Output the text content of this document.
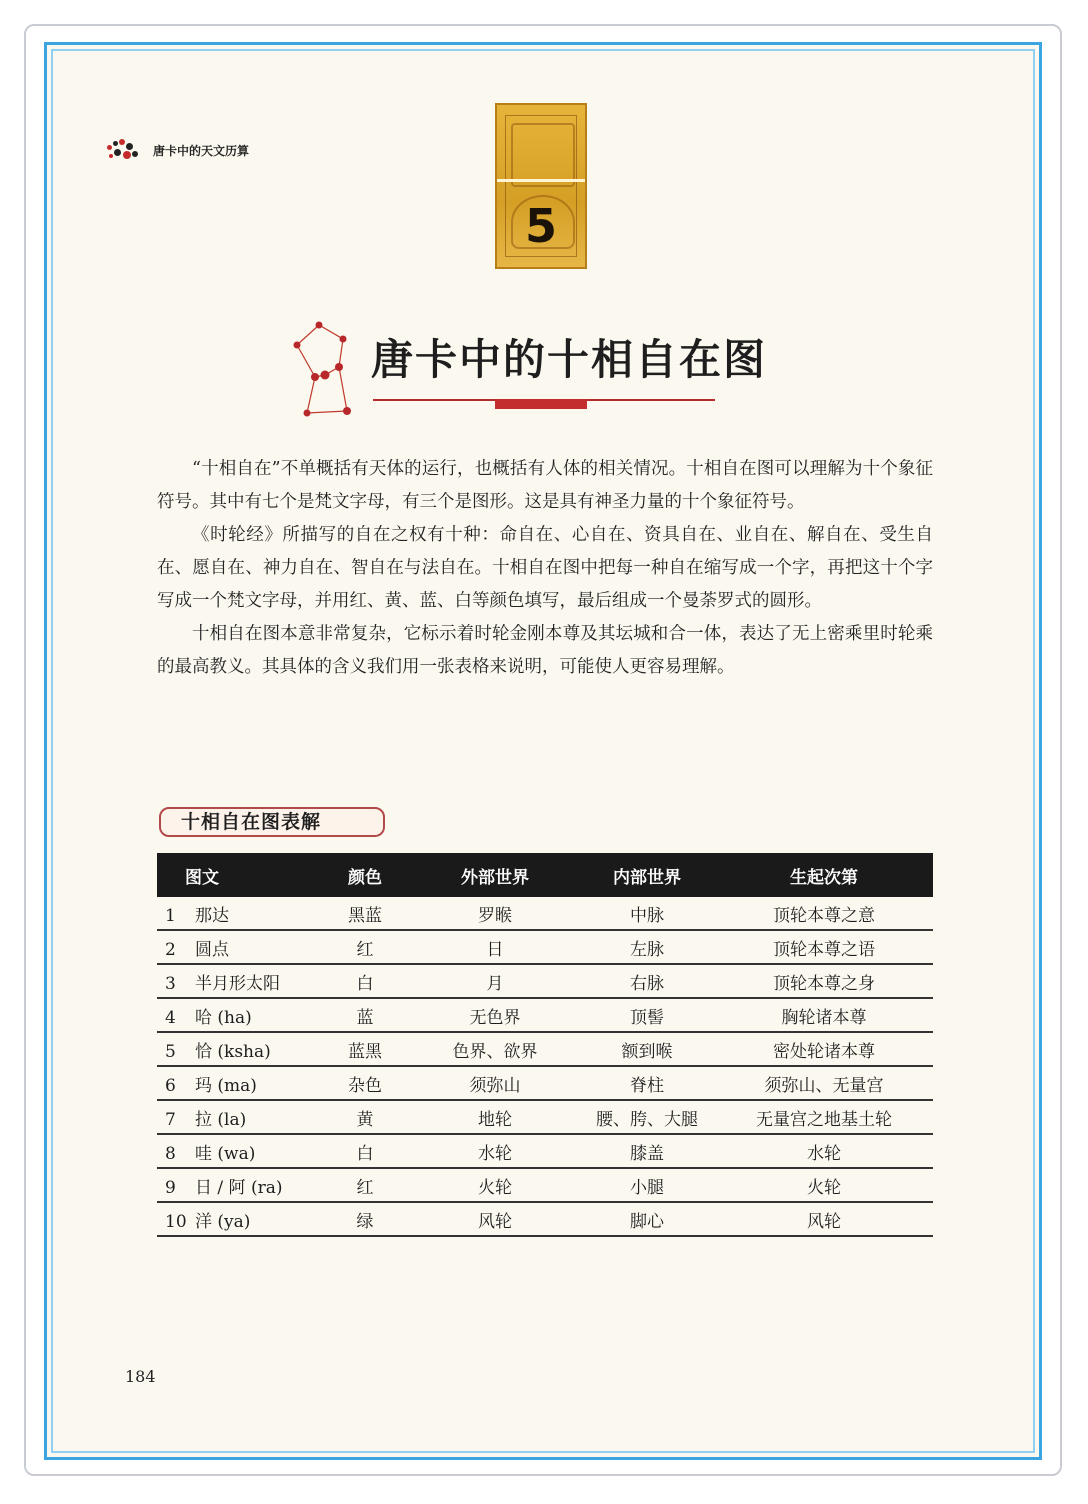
唐卡中的天文历算
5
唐卡中的十相自在图

“十相自在”不单概括有天体的运行，也概括有人体的相关情况。十相自在图可以理解为十个象征符号。其中有七个是梵文字母，有三个是图形。这是具有神圣力量的十个象征符号。

《时轮经》所描写的自在之权有十种：命自在、心自在、资具自在、业自在、解自在、受生自在、愿自在、神力自在、智自在与法自在。十相自在图中把每一种自在缩写成一个字，再把这十个字写成一个梵文字母，并用红、黄、蓝、白等颜色填写，最后组成一个曼荼罗式的圆形。

十相自在图本意非常复杂，它标示着时轮金刚本尊及其坛城和合一体，表达了无上密乘里时轮乘的最高教义。其具体的含义我们用一张表格来说明，可能使人更容易理解。

十相自在图表解
图文	颜色	外部世界	内部世界	生起次第
1 那达	黑蓝	罗睺	中脉	顶轮本尊之意
2 圆点	红	日	左脉	顶轮本尊之语
3 半月形太阳	白	月	右脉	顶轮本尊之身
4 哈 (ha)	蓝	无色界	顶髻	胸轮诸本尊
5 恰 (ksha)	蓝黑	色界、欲界	额到喉	密处轮诸本尊
6 玛 (ma)	杂色	须弥山	脊柱	须弥山、无量宫
7 拉 (la)	黄	地轮	腰、胯、大腿	无量宫之地基土轮
8 哇 (wa)	白	水轮	膝盖	水轮
9 日 / 阿 (ra)	红	火轮	小腿	火轮
10 洋 (ya)	绿	风轮	脚心	风轮
184
